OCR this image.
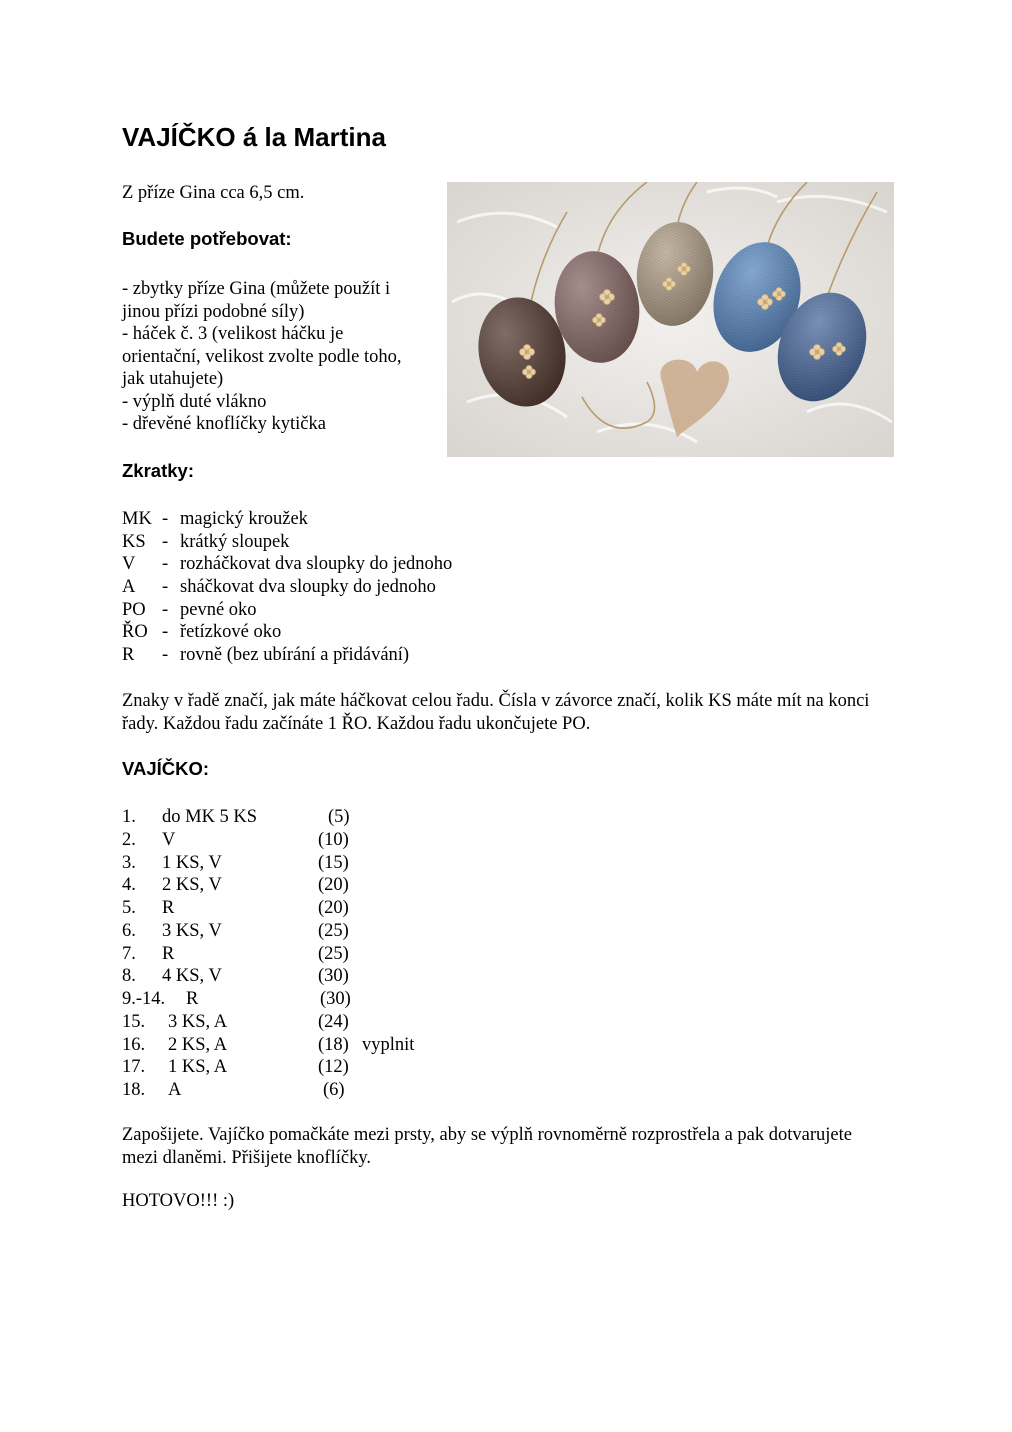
VAJÍČKO á la Martina
Z příze Gina cca 6,5 cm.
Budete potřebovat:
- zbytky příze Gina (můžete použít i
jinou přízi podobné síly)
- háček č. 3 (velikost háčku je
orientační, velikost zvolte podle toho,
jak utahujete)
- výplň duté vlákno
- dřevěné knoflíčky kytička
Zkratky:
MK - magický kroužek
KS - krátký sloupek
V	- rozháčkovat dva sloupky do jednoho
A	- sháčkovat dva sloupky do jednoho
PO - pevné oko
ŘO - řetízkové oko
R	- rovně (bez ubírání a přidávání)
Znaky v řadě značí, jak máte háčkovat celou řadu. Čísla v závorce značí, kolik KS máte mít na konci řady. Každou řadu začínáte 1 ŘO. Každou řadu ukončujete PO.
VAJÍČKO:
1. do MK 5 KS	(5)
2. V	(10)
3. 1 KS, V	(15)
4. 2 KS, V	(20)
5. R	(20)
6. 3 KS, V	(25)
7. R	(25)
8. 4 KS, V	(30)
9.-14. R	(30)
15. 3 KS, A	(24)
16. 2 KS, A	(18) vyplnit
17. 1 KS, A	(12)
18. A	(6)
Zapošijete. Vajíčko pomačkáte mezi prsty, aby se výplň rovnoměrně rozprostřela a pak dotvarujete mezi dlaněmi. Přišijete knoflíčky.
HOTOVO!!! :)
